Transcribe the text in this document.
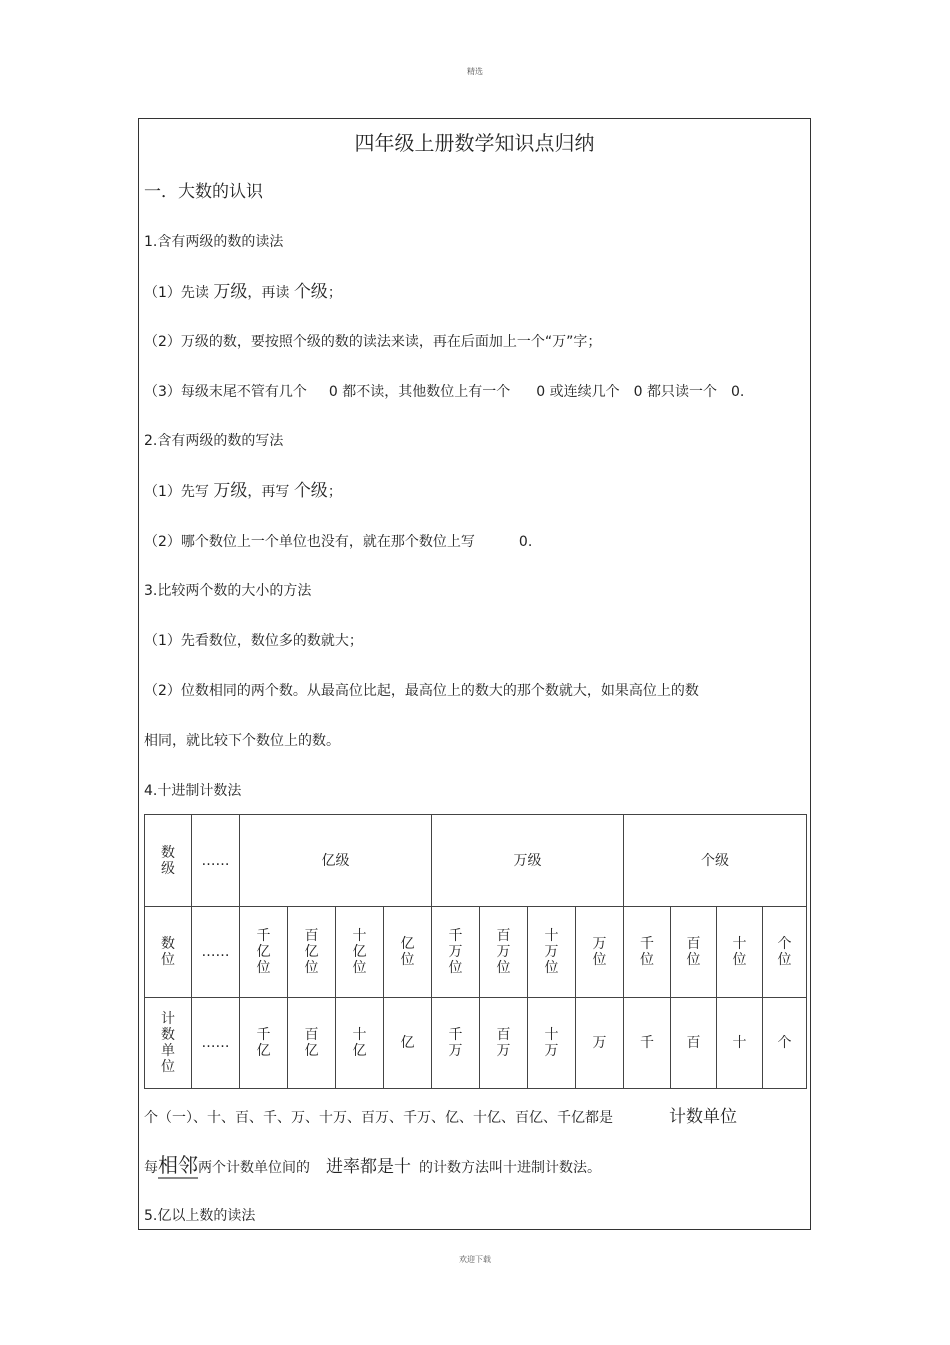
精选
四年级上册数学知识点归纳
一．大数的认识
1.含有两级的数的读法
（1）先读 万级，再读 个级；
（2）万级的数，要按照个级的数的读法来读，再在后面加上一个“万”字；
（3）每级末尾不管有几个 0 都不读，其他数位上有一个 0 或连续几个 0 都只读一个 0.
2.含有两级的数的写法
（1）先写 万级，再写 个级；
（2）哪个数位上一个单位也没有，就在那个数位上写	0.
3.比较两个数的大小的方法
（1）先看数位，数位多的数就大；
（2）位数相同的两个数。从最高位比起，最高位上的数大的那个数就大，如果高位上的数
相同，就比较下个数位上的数。
4.十进制计数法
数级	……	亿级				万级				个级			
数位	……	千亿位	百亿位	十亿位	亿位	千万位	百万位	十万位	万位	千位	百位	十位	个位
计数单位	……	千亿	百亿	十亿	亿	千万	百万	十万	万	千	百	十	个
个（一）、十、百、千、万、十万、百万、千万、亿、十亿、百亿、千亿都是	计数单位
每相邻两个计数单位间的 进率都是十 的计数方法叫十进制计数法。
5.亿以上数的读法
欢迎下载
